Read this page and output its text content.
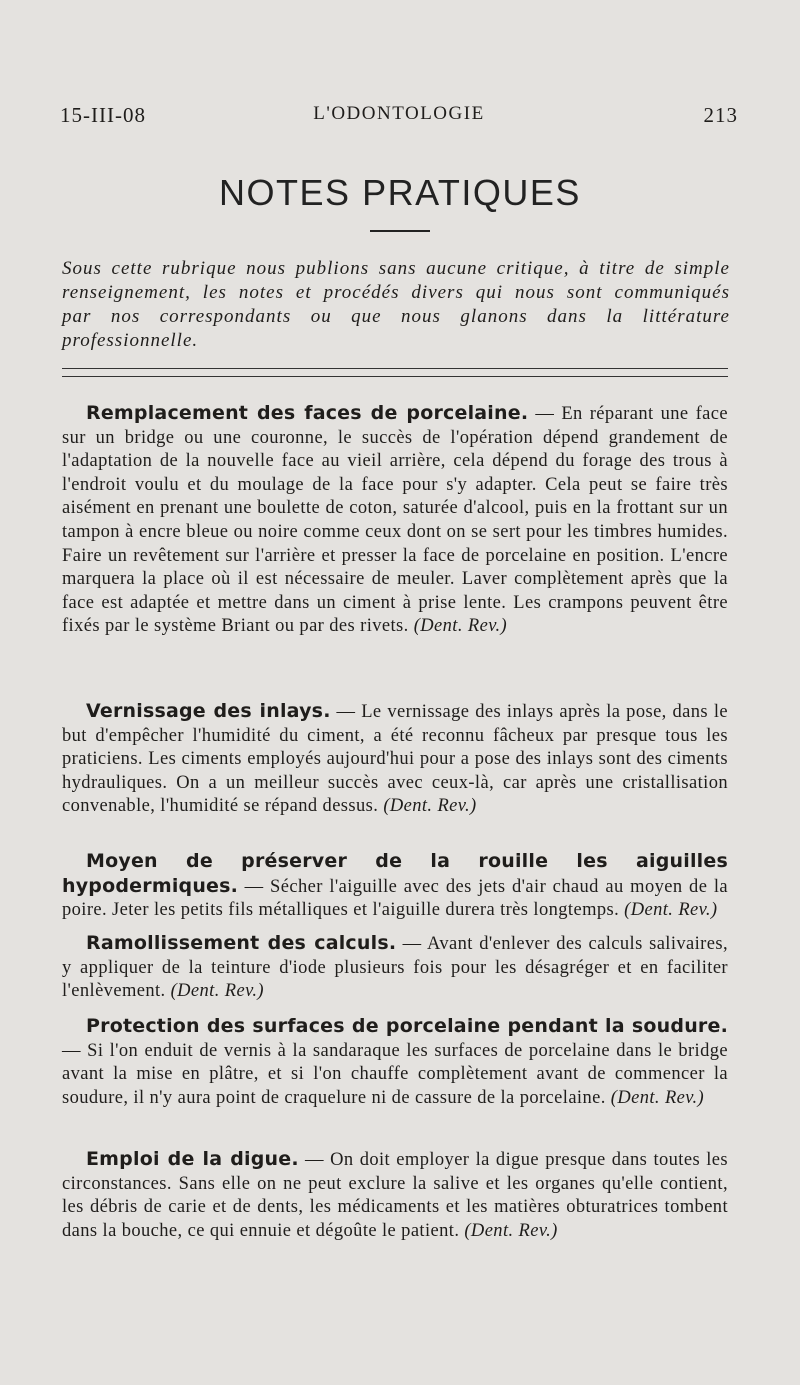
15-III-08	L'ODONTOLOGIE	213
NOTES PRATIQUES
Sous cette rubrique nous publions sans aucune critique, à titre de simple renseignement, les notes et procédés divers qui nous sont communiqués par nos correspondants ou que nous glanons dans la littérature professionnelle.
Remplacement des faces de porcelaine. — En réparant une face sur un bridge ou une couronne, le succès de l'opération dépend grandement de l'adaptation de la nouvelle face au vieil arrière, cela dépend du forage des trous à l'endroit voulu et du moulage de la face pour s'y adapter. Cela peut se faire très aisément en prenant une boulette de coton, saturée d'alcool, puis en la frottant sur un tampon à encre bleue ou noire comme ceux dont on se sert pour les timbres humides. Faire un revêtement sur l'arrière et presser la face de porcelaine en position. L'encre marquera la place où il est nécessaire de meuler. Laver complètement après que la face est adaptée et mettre dans un ciment à prise lente. Les crampons peuvent être fixés par le système Briant ou par des rivets. (Dent. Rev.)
Vernissage des inlays. — Le vernissage des inlays après la pose, dans le but d'empêcher l'humidité du ciment, a été reconnu fâcheux par presque tous les praticiens. Les ciments employés aujourd'hui pour a pose des inlays sont des ciments hydrauliques. On a un meilleur succès avec ceux-là, car après une cristallisation convenable, l'humidité se répand dessus. (Dent. Rev.)
Moyen de préserver de la rouille les aiguilles hypodermiques. — Sécher l'aiguille avec des jets d'air chaud au moyen de la poire. Jeter les petits fils métalliques et l'aiguille durera très longtemps. (Dent. Rev.)
Ramollissement des calculs. — Avant d'enlever des calculs salivaires, y appliquer de la teinture d'iode plusieurs fois pour les désagréger et en faciliter l'enlèvement. (Dent. Rev.)
Protection des surfaces de porcelaine pendant la soudure. — Si l'on enduit de vernis à la sandaraque les surfaces de porcelaine dans le bridge avant la mise en plâtre, et si l'on chauffe complètement avant de commencer la soudure, il n'y aura point de craquelure ni de cassure de la porcelaine. (Dent. Rev.)
Emploi de la digue. — On doit employer la digue presque dans toutes les circonstances. Sans elle on ne peut exclure la salive et les organes qu'elle contient, les débris de carie et de dents, les médicaments et les matières obturatrices tombent dans la bouche, ce qui ennuie et dégoûte le patient. (Dent. Rev.)
